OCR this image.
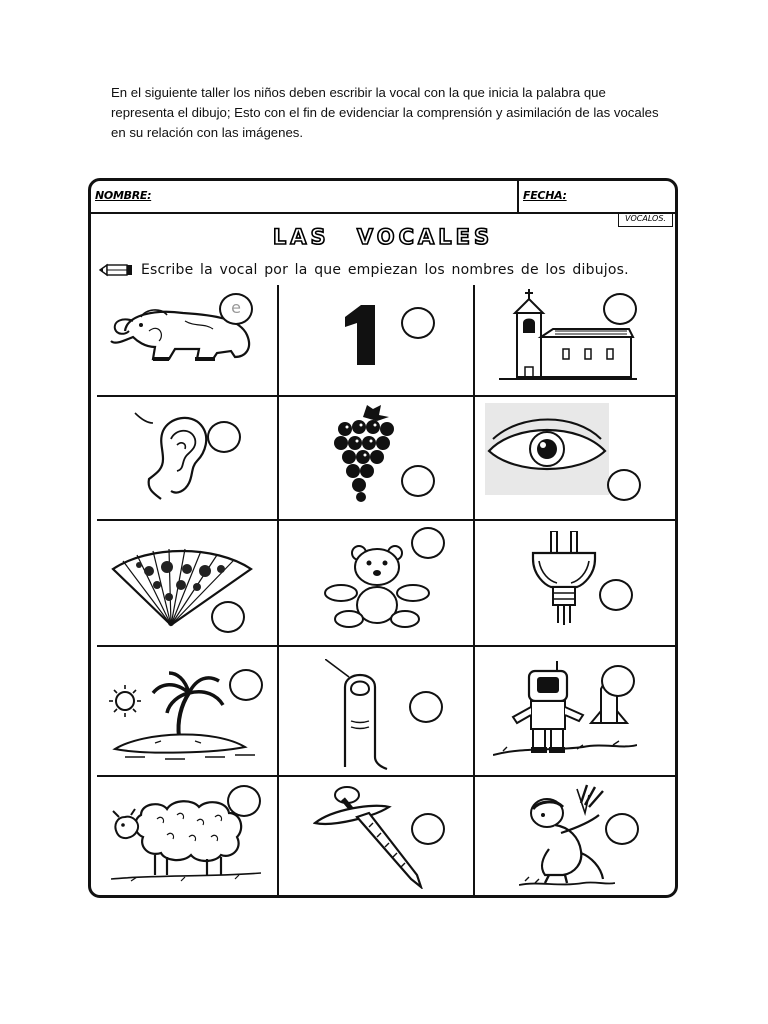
En el siguiente taller los niños deben escribir la vocal con la que inicia la palabra que representa el dibujo; Esto con el fin de evidenciar la comprensión y asimilación de las vocales en su relación con las imágenes.

NOMBRE:	FECHA:
VOCALOS.
LAS VOCALES
Escribe la vocal por la que empiezan los nombres de los dibujos.
e
